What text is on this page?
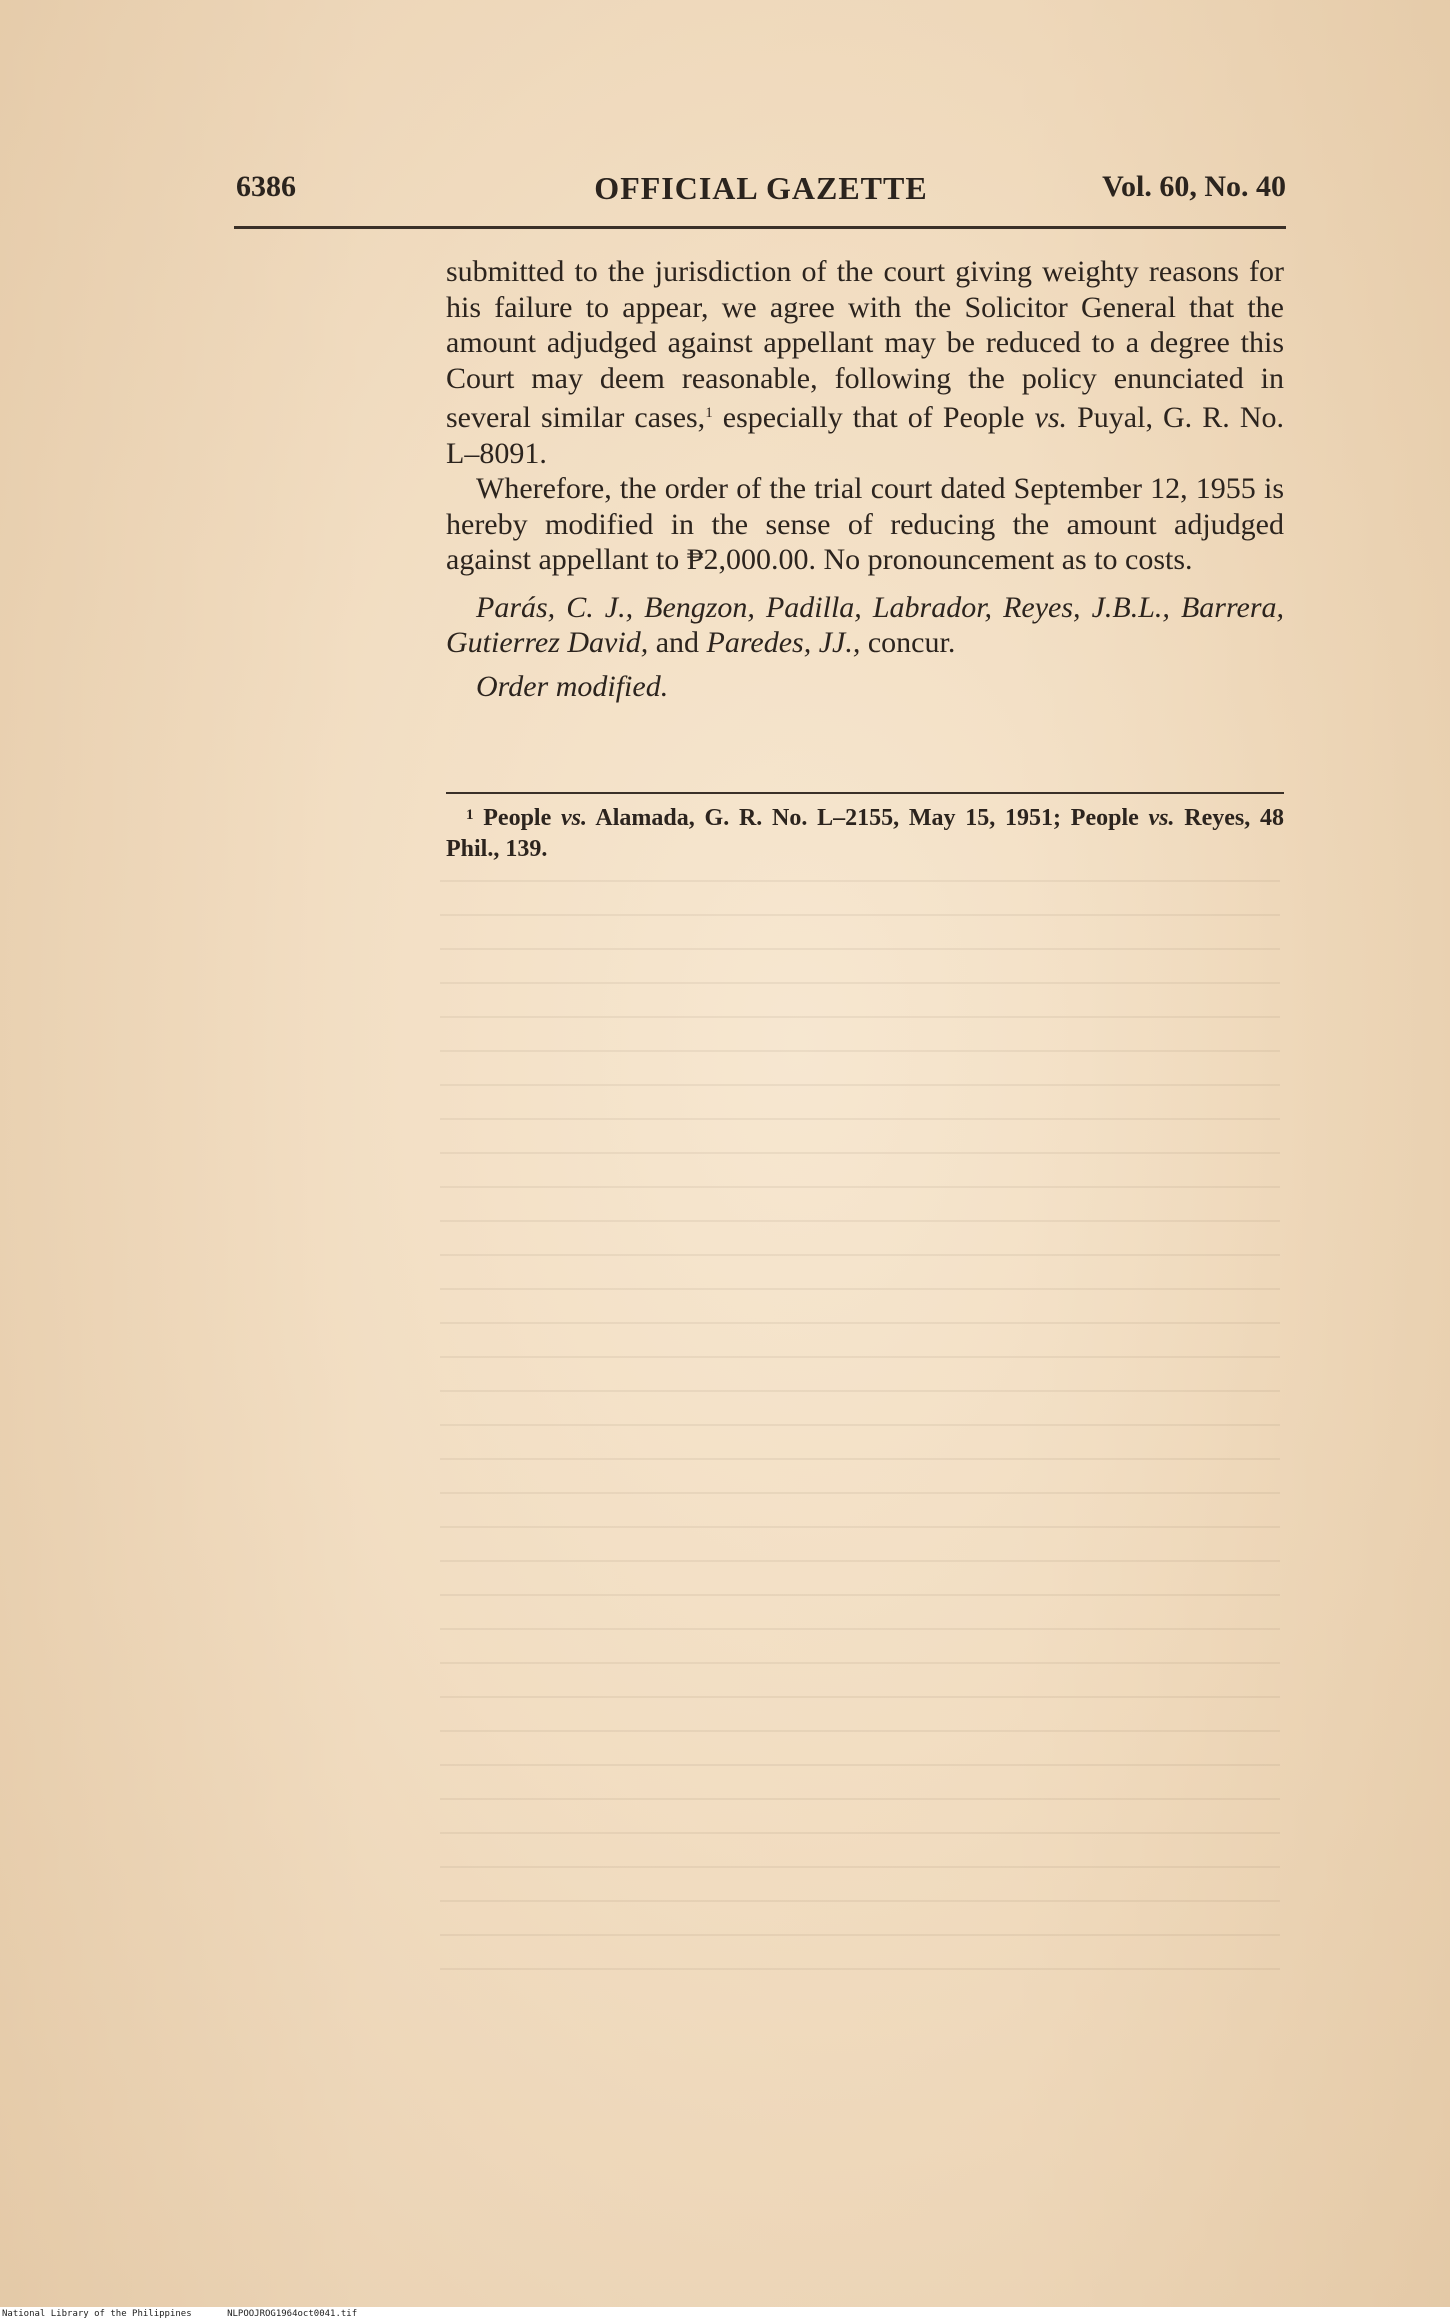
6386	OFFICIAL GAZETTE	Vol. 60, No. 40

submitted to the jurisdiction of the court giving weighty reasons for his failure to appear, we agree with the Solicitor General that the amount adjudged against appellant may be reduced to a degree this Court may deem reasonable, following the policy enunciated in several similar cases,$^1$ especially that of People vs. Puyal, G. R. No. L–8091.

Wherefore, the order of the trial court dated September 12, 1955 is hereby modified in the sense of reducing the amount adjudged against appellant to ₱2,000.00. No pronouncement as to costs.

Parás, C. J., Bengzon, Padilla, Labrador, Reyes, J.B.L., Barrera, Gutierrez David, and Paredes, JJ., concur.

Order modified.

$^1$ People vs. Alamada, G. R. No. L–2155, May 15, 1951; People vs. Reyes, 48 Phil., 139.
National Library of the Philippines	NLPOOJROG1964oct0041.tif
